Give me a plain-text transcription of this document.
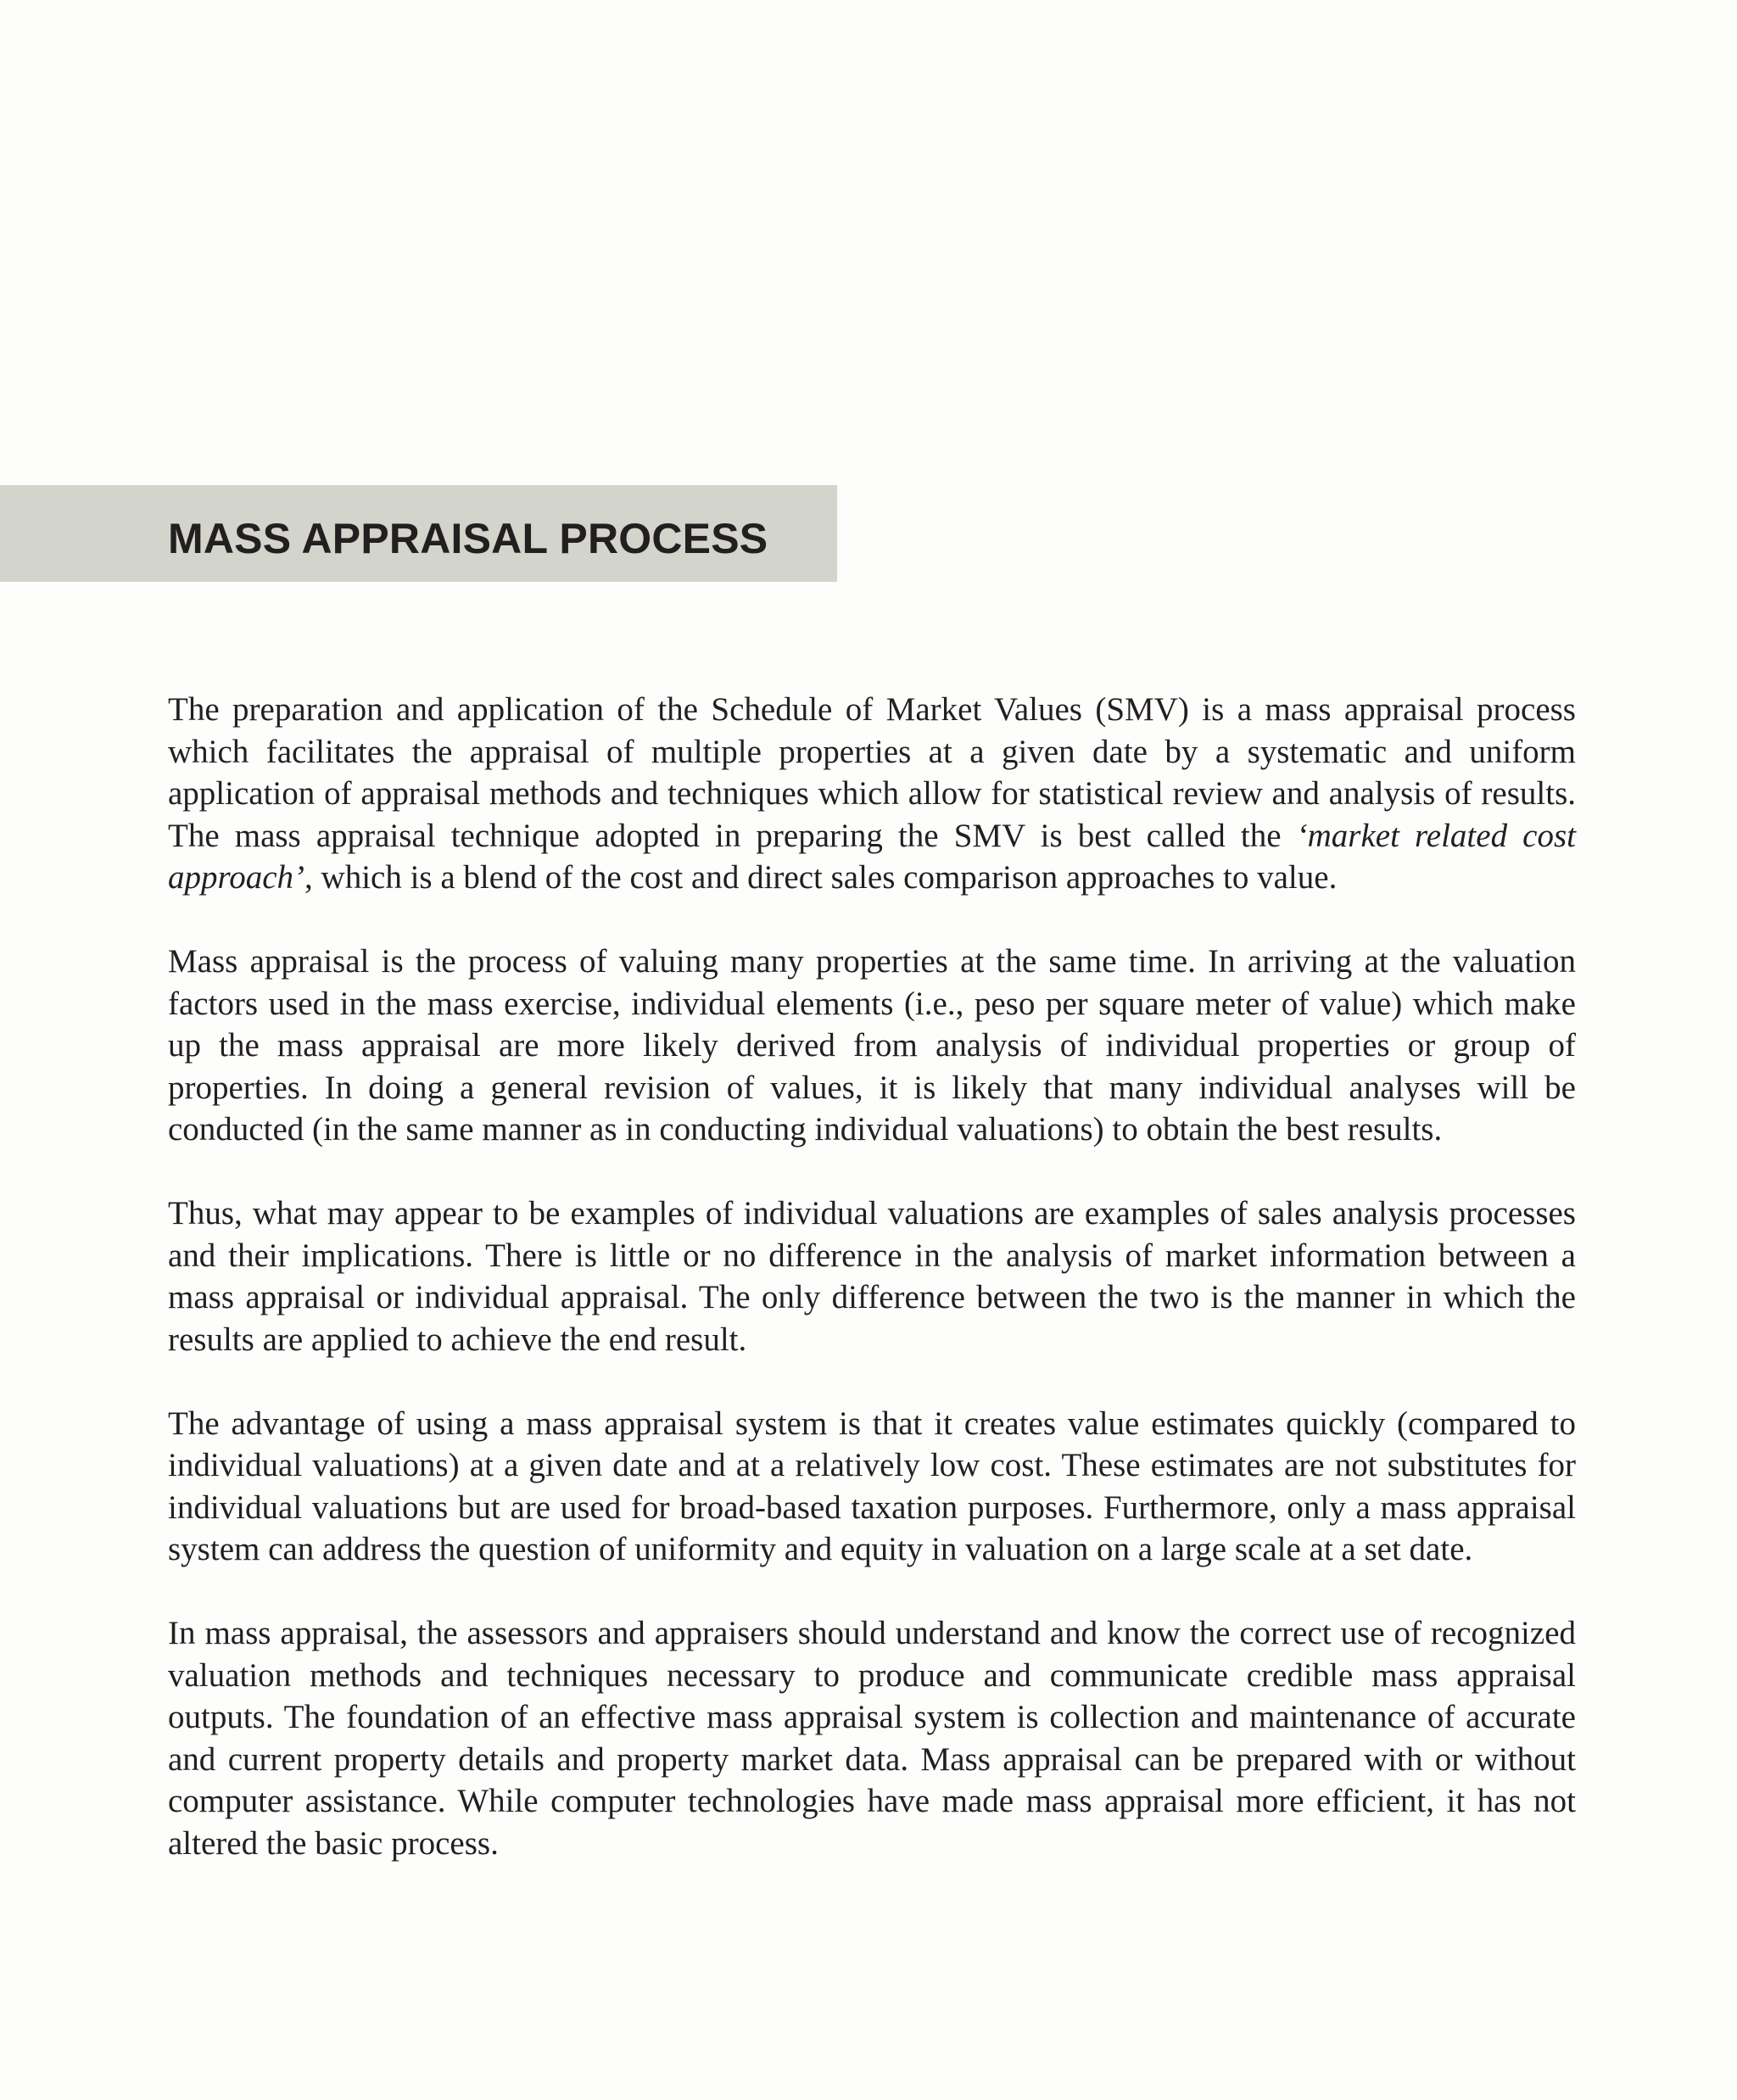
MASS APPRAISAL PROCESS

The preparation and application of the Schedule of Market Values (SMV) is a mass appraisal process which facilitates the appraisal of multiple properties at a given date by a systematic and uniform application of appraisal methods and techniques which allow for statistical review and analysis of results. The mass appraisal technique adopted in preparing the SMV is best called the ‘market related cost approach’, which is a blend of the cost and direct sales comparison approaches to value.

Mass appraisal is the process of valuing many properties at the same time. In arriving at the valuation factors used in the mass exercise, individual elements (i.e., peso per square meter of value) which make up the mass appraisal are more likely derived from analysis of individual properties or group of properties. In doing a general revision of values, it is likely that many individual analyses will be conducted (in the same manner as in conducting individual valuations) to obtain the best results.

Thus, what may appear to be examples of individual valuations are examples of sales analysis processes and their implications. There is little or no difference in the analysis of market information between a mass appraisal or individual appraisal. The only difference between the two is the manner in which the results are applied to achieve the end result.

The advantage of using a mass appraisal system is that it creates value estimates quickly (compared to individual valuations) at a given date and at a relatively low cost. These estimates are not substitutes for individual valuations but are used for broad-based taxation purposes. Furthermore, only a mass appraisal system can address the question of uniformity and equity in valuation on a large scale at a set date.

In mass appraisal, the assessors and appraisers should understand and know the correct use of recognized valuation methods and techniques necessary to produce and communicate credible mass appraisal outputs. The foundation of an effective mass appraisal system is collection and maintenance of accurate and current property details and property market data. Mass appraisal can be prepared with or without computer assistance. While computer technologies have made mass appraisal more efficient, it has not altered the basic process.
